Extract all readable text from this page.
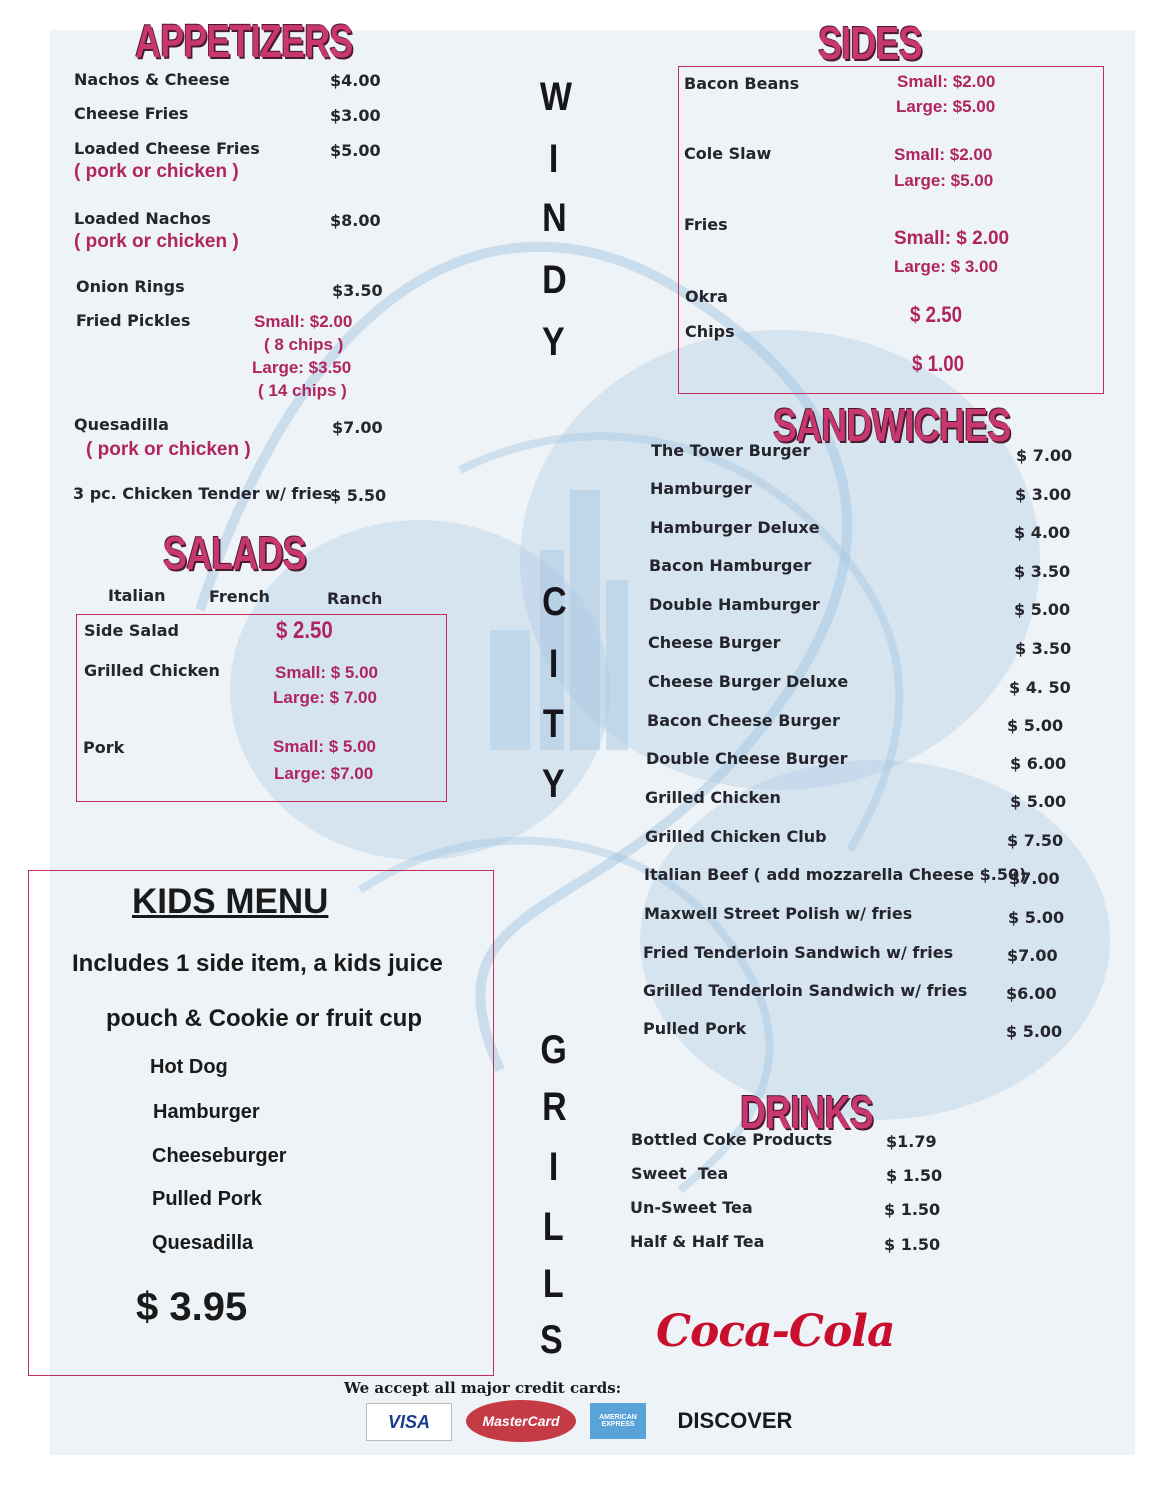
APPETIZERS
Nachos & Cheese	$4.00
Cheese Fries	$3.00
Loaded Cheese Fries
( pork or chicken )
$5.00
Loaded Nachos
( pork or chicken )
$8.00
Onion Rings	$3.50
Fried Pickles	Small: $2.00
( 8 chips )
Large: $3.50
( 14 chips )
Quesadilla
( pork or chicken )
$7.00
3 pc. Chicken Tender w/ fries
$ 5.50
SALADS
Italian	French	Ranch
Side Salad	$ 2.50
Grilled Chicken	Small: $ 5.00
Large: $ 7.00
Pork	Small: $ 5.00
Large: $7.00
KIDS MENU
Includes 1 side item, a kids juice
pouch & Cookie or fruit cup
Hot Dog
Hamburger
Cheeseburger
Pulled Pork
Quesadilla
$ 3.95
W
I
N
D
Y
C
I
T
Y
G
R
I
L
L
S
SIDES
Bacon Beans	Small: $2.00
Large: $5.00
Cole Slaw	Small: $2.00
Large: $5.00
Fries
Small: $ 2.00
Large: $ 3.00
Okra
$ 2.50
Chips
$ 1.00
SANDWICHES
The Tower Burger	$ 7.00
Hamburger	$ 3.00
Hamburger Deluxe	$ 4.00
Bacon Hamburger	$ 3.50
Double Hamburger	$ 5.00
Cheese Burger	$ 3.50
Cheese Burger Deluxe	$ 4. 50
Bacon Cheese Burger	$ 5.00
Double Cheese Burger	$ 6.00
Grilled Chicken	$ 5.00
Grilled Chicken Club	$ 7.50
Italian Beef ( add mozzarella Cheese $.50)
$7.00
Maxwell Street Polish w/ fries	$ 5.00
Fried Tenderloin Sandwich w/ fries	$7.00
Grilled Tenderloin Sandwich w/ fries $6.00
Pulled Pork	$ 5.00
DRINKS
Bottled Coke Products	$1.79
Sweet  Tea	$ 1.50
Un-Sweet Tea	$ 1.50
Half & Half Tea	$ 1.50
Coca-Cola
We accept all major credit cards:
VISA	MasterCard	AMERICAN EXPRESS	DISCOVER
